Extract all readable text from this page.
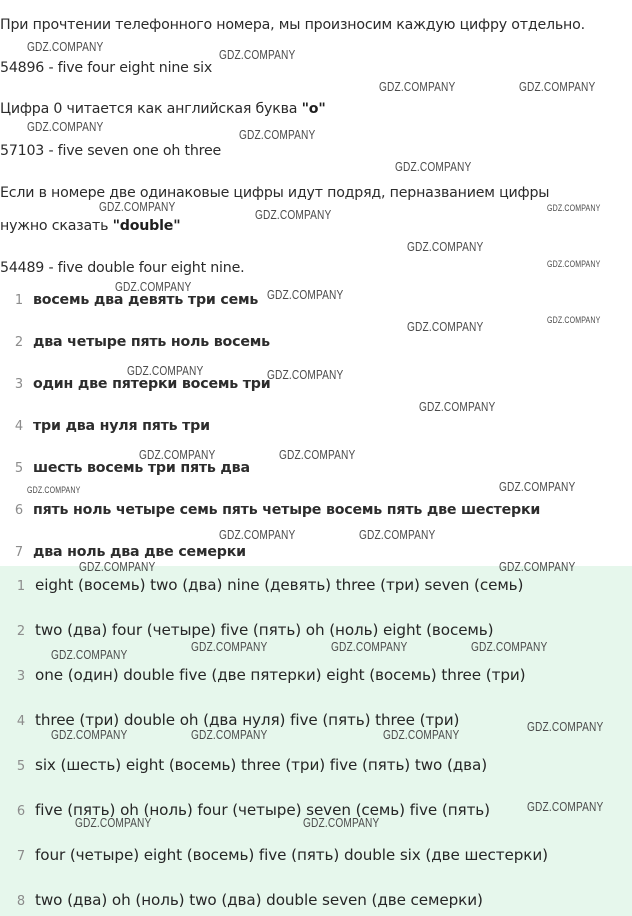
При прочтении телефонного номера, мы произносим каждую цифру отдельно.
54896 - five four eight nine six
Цифра 0 читается как английская буква "o"
57103 - five seven one oh three
Если в номере две одинаковые цифры идут подряд, перназванием цифры
нужно сказать "double"
54489 - five double four eight nine.
1 восемь два девять три семь
2 два четыре пять ноль восемь
3 один две пятерки восемь три
4 три два нуля пять три
5 шесть восемь три пять два
6 пять ноль четыре семь пять четыре восемь пять две шестерки
7 два ноль два две семерки
1 eight (восемь) two (два) nine (девять) three (три) seven (семь)
2 two (два) four (четыре) five (пять) oh (ноль) eight (восемь)
3 one (один) double five (две пятерки) eight (восемь) three (три)
4 three (три) double oh (два нуля) five (пять) three (три)
5 six (шесть) eight (восемь) three (три) five (пять) two (два)
6 five (пять) oh (ноль) four (четыре) seven (семь) five (пять)
7 four (четыре) eight (восемь) five (пять) double six (две шестерки)
8 two (два) oh (ноль) two (два) double seven (две семерки)
GDZ.COMPANY
GDZ.COMPANY
GDZ.COMPANY	GDZ.COMPANY
GDZ.COMPANY
GDZ.COMPANY
GDZ.COMPANY
GDZ.COMPANY	GDZ.COMPANY
GDZ.COMPANY
GDZ.COMPANY
GDZ.COMPANY
GDZ.COMPANY
GDZ.COMPANY
GDZ.COMPANY
GDZ.COMPANY
GDZ.COMPANY	GDZ.COMPANY
GDZ.COMPANY
GDZ.COMPANY	GDZ.COMPANY
GDZ.COMPANY
GDZ.COMPANY
GDZ.COMPANY	GDZ.COMPANY
GDZ.COMPANY	GDZ.COMPANY
GDZ.COMPANY
GDZ.COMPANY	GDZ.COMPANY	GDZ.COMPANY
GDZ.COMPANY
GDZ.COMPANY	GDZ.COMPANY	GDZ.COMPANY
GDZ.COMPANY
GDZ.COMPANY	GDZ.COMPANY
